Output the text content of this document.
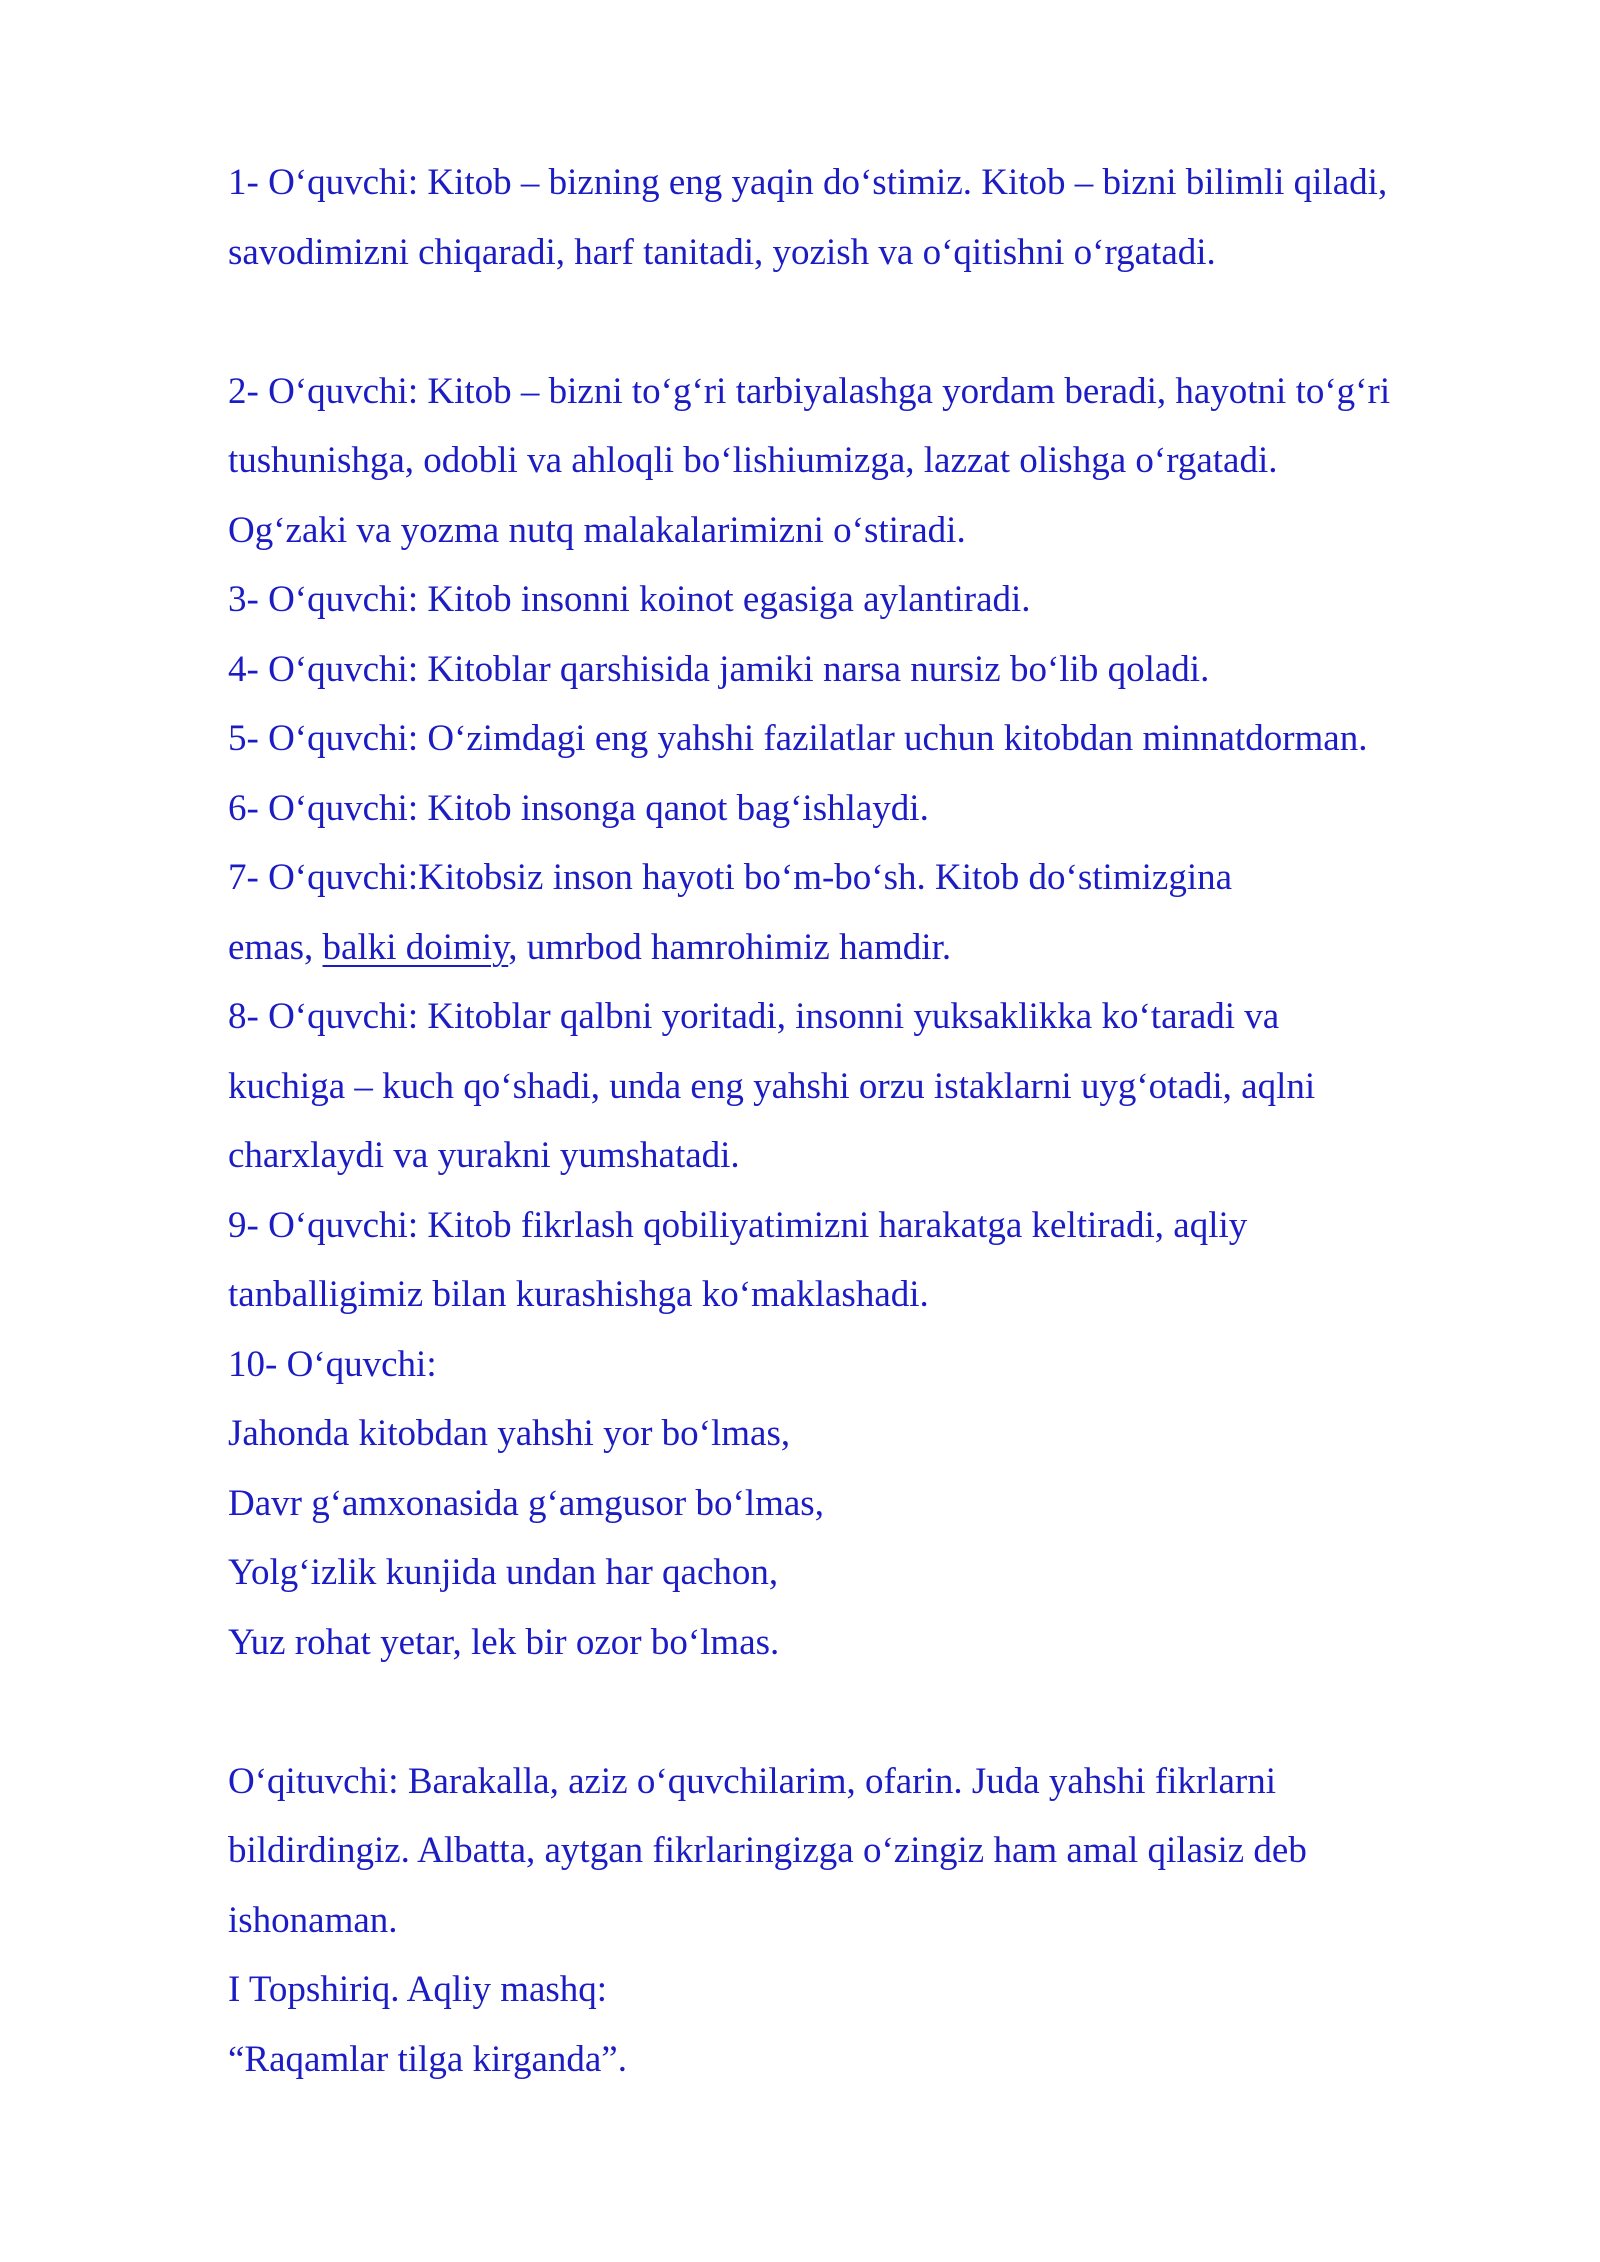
1- O‘quvchi: Kitob – bizning eng yaqin do‘stimiz. Kitob – bizni bilimli qiladi,
savodimizni chiqaradi, harf tanitadi, yozish va o‘qitishni o‘rgatadi.
2- O‘quvchi: Kitob – bizni to‘g‘ri tarbiyalashga yordam beradi, hayotni to‘g‘ri
tushunishga, odobli va ahloqli bo‘lishiumizga, lazzat olishga o‘rgatadi.
Og‘zaki va yozma nutq malakalarimizni o‘stiradi.
3- O‘quvchi: Kitob insonni koinot egasiga aylantiradi.
4- O‘quvchi: Kitoblar qarshisida jamiki narsa nursiz bo‘lib qoladi.
5- O‘quvchi: O‘zimdagi eng yahshi fazilatlar uchun kitobdan minnatdorman.
6- O‘quvchi: Kitob insonga qanot bag‘ishlaydi.
7- O‘quvchi:Kitobsiz inson hayoti bo‘m-bo‘sh. Kitob do‘stimizgina
emas, balki doimiy, umrbod hamrohimiz hamdir.
8- O‘quvchi: Kitoblar qalbni yoritadi, insonni yuksaklikka ko‘taradi va
kuchiga – kuch qo‘shadi, unda eng yahshi orzu istaklarni uyg‘otadi, aqlni
charxlaydi va yurakni yumshatadi.
9- O‘quvchi: Kitob fikrlash qobiliyatimizni harakatga keltiradi, aqliy
tanballigimiz bilan kurashishga ko‘maklashadi.
10- O‘quvchi:
Jahonda kitobdan yahshi yor bo‘lmas,
Davr g‘amxonasida g‘amgusor bo‘lmas,
Yolg‘izlik kunjida undan har qachon,
Yuz rohat yetar, lek bir ozor bo‘lmas.
O‘qituvchi: Barakalla, aziz o‘quvchilarim, ofarin. Juda yahshi fikrlarni
bildirdingiz. Albatta, aytgan fikrlaringizga o‘zingiz ham amal qilasiz deb
ishonaman.
I Topshiriq. Aqliy mashq:
“Raqamlar tilga kirganda”.
